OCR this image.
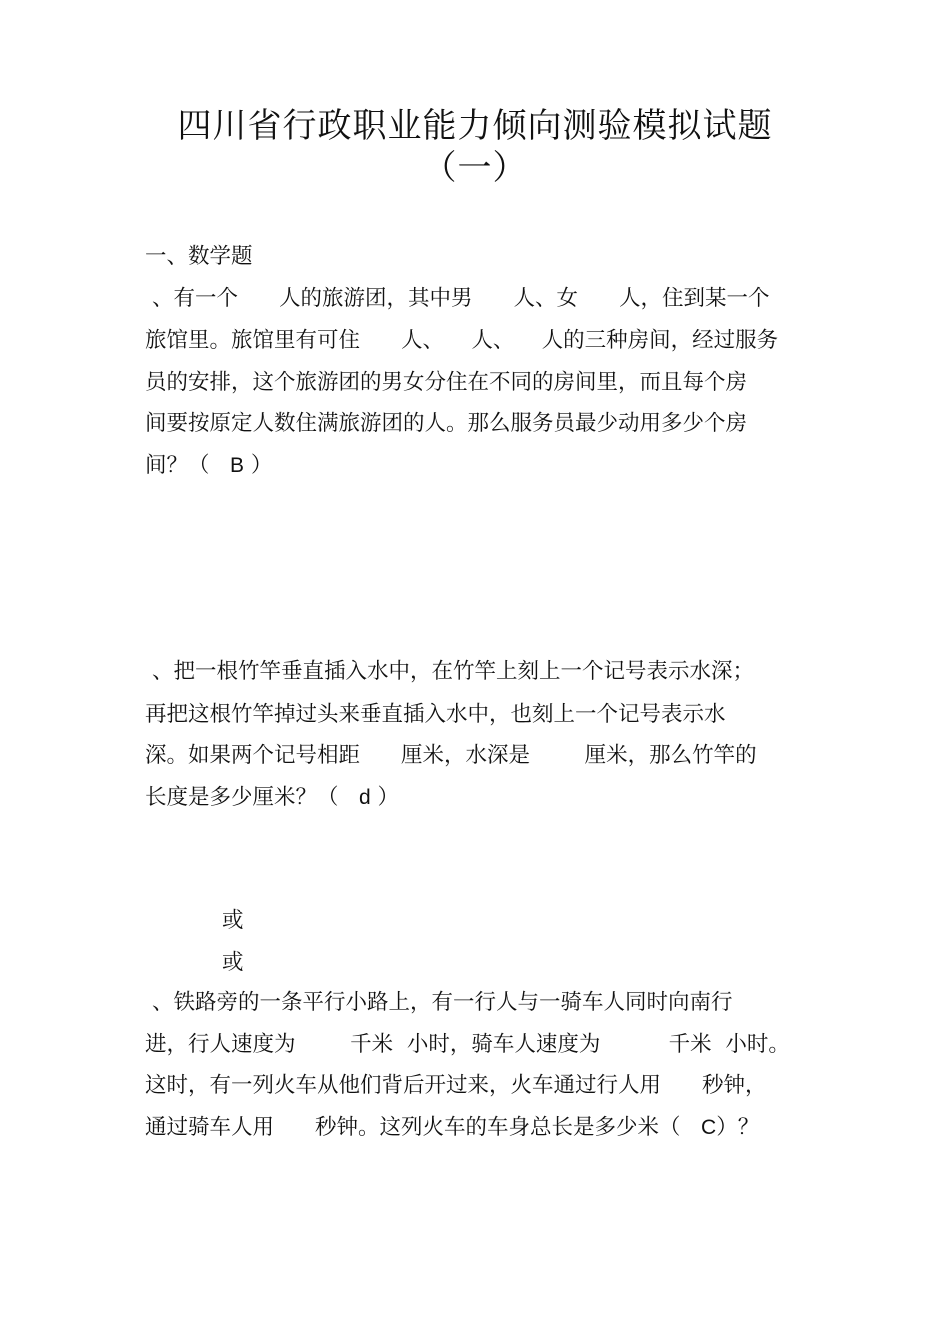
四川省行政职业能力倾向测验模拟试题
（一）
一、数学题
、有一个      人的旅游团，其中男      人、女      人，住到某一个
旅馆里。旅馆里有可住      人、    人、    人的三种房间，经过服务
员的安排，这个旅游团的男女分住在不同的房间里，而且每个房
间要按原定人数住满旅游团的人。那么服务员最少动用多少个房
间？（   B ）
、把一根竹竿垂直插入水中，在竹竿上刻上一个记号表示水深；
再把这根竹竿掉过头来垂直插入水中，也刻上一个记号表示水
深。如果两个记号相距      厘米，水深是        厘米，那么竹竿的
长度是多少厘米？（   d ）
或
或
、铁路旁的一条平行小路上，有一行人与一骑车人同时向南行
进，行人速度为        千米  小时，骑车人速度为          千米  小时。
这时，有一列火车从他们背后开过来，火车通过行人用      秒钟，
通过骑车人用      秒钟。这列火车的车身总长是多少米（   C）？
